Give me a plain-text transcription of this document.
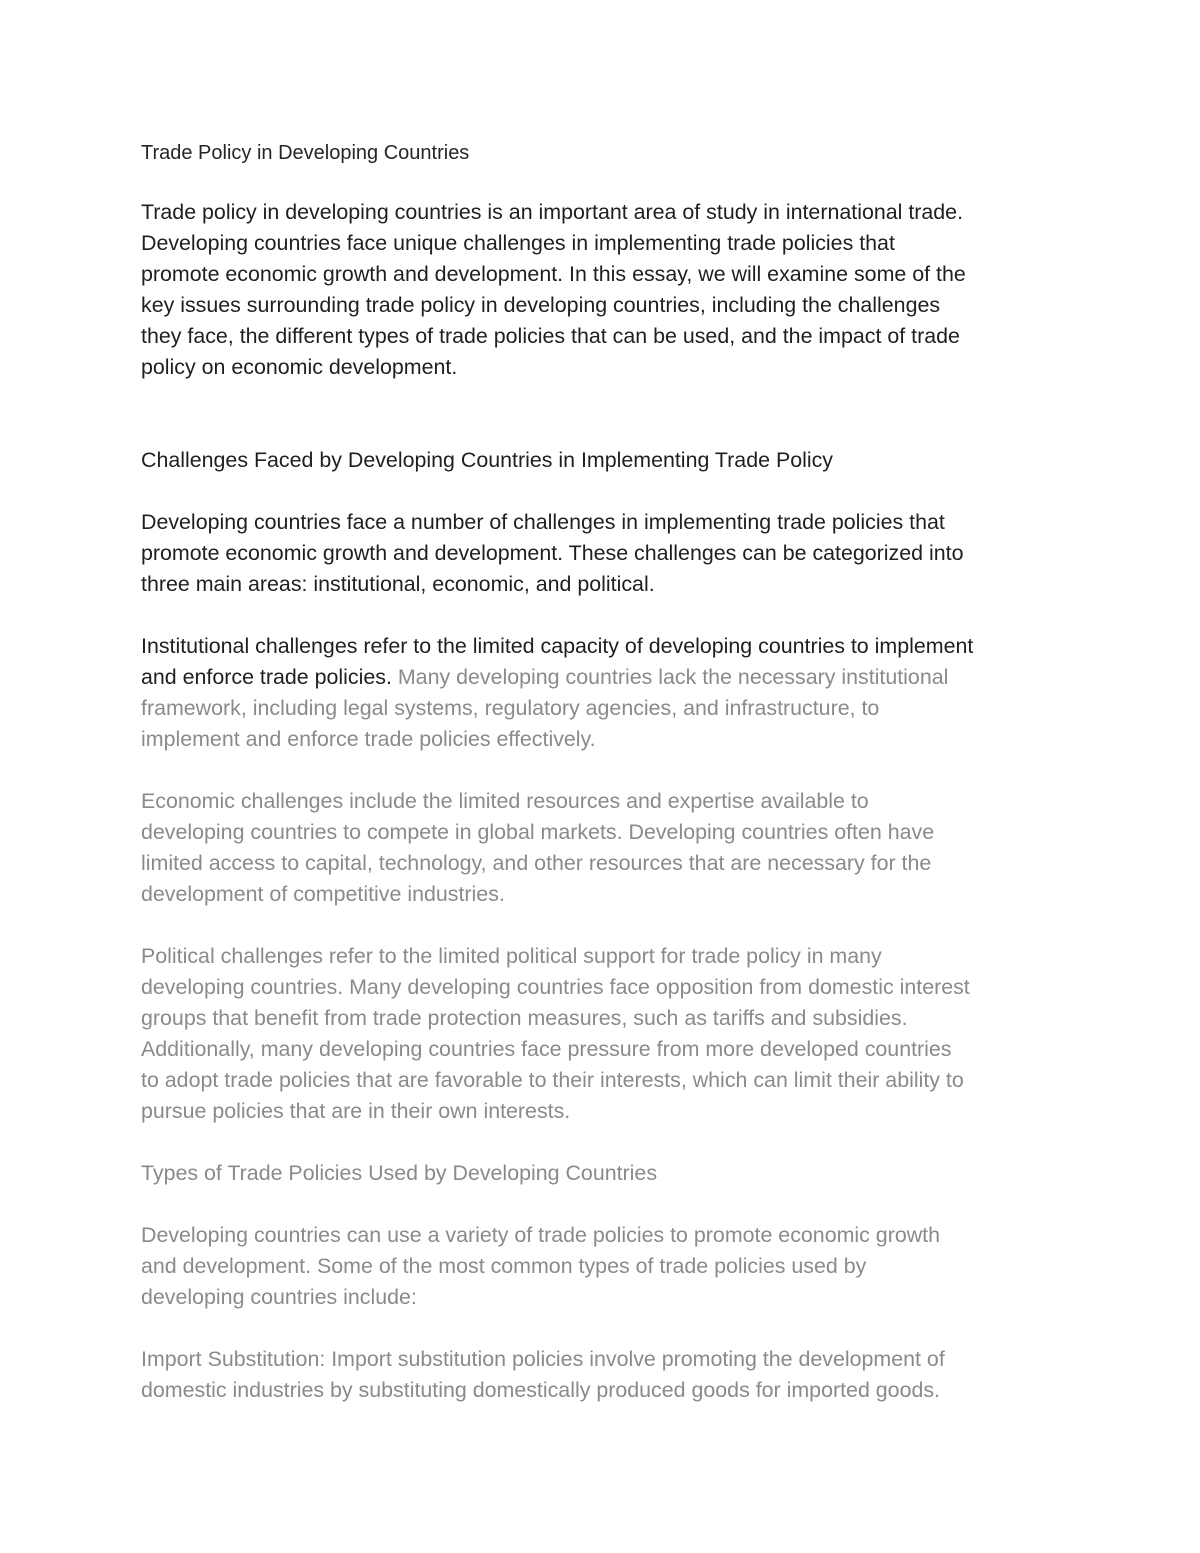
Trade Policy in Developing Countries
Trade policy in developing countries is an important area of study in international trade.
Developing countries face unique challenges in implementing trade policies that
promote economic growth and development. In this essay, we will examine some of the
key issues surrounding trade policy in developing countries, including the challenges
they face, the different types of trade policies that can be used, and the impact of trade
policy on economic development.
Challenges Faced by Developing Countries in Implementing Trade Policy
Developing countries face a number of challenges in implementing trade policies that
promote economic growth and development. These challenges can be categorized into
three main areas: institutional, economic, and political.
Institutional challenges refer to the limited capacity of developing countries to implement
and enforce trade policies. Many developing countries lack the necessary institutional
framework, including legal systems, regulatory agencies, and infrastructure, to
implement and enforce trade policies effectively.
Economic challenges include the limited resources and expertise available to
developing countries to compete in global markets. Developing countries often have
limited access to capital, technology, and other resources that are necessary for the
development of competitive industries.
Political challenges refer to the limited political support for trade policy in many
developing countries. Many developing countries face opposition from domestic interest
groups that benefit from trade protection measures, such as tariffs and subsidies.
Additionally, many developing countries face pressure from more developed countries
to adopt trade policies that are favorable to their interests, which can limit their ability to
pursue policies that are in their own interests.
Types of Trade Policies Used by Developing Countries
Developing countries can use a variety of trade policies to promote economic growth
and development. Some of the most common types of trade policies used by
developing countries include:
Import Substitution: Import substitution policies involve promoting the development of
domestic industries by substituting domestically produced goods for imported goods.
